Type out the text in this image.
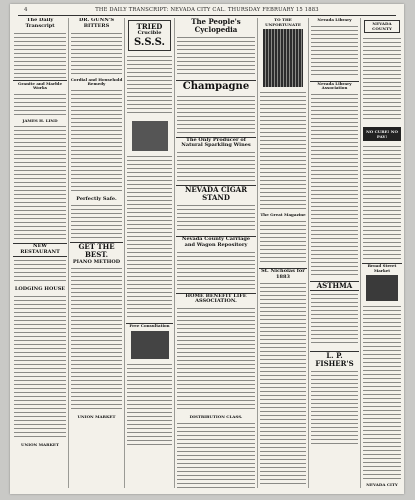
4	THE DAILY TRANSCRIPT: NEVADA CITY CAL. THURSDAY FEBRUARY 15 1883
The Daily Transcript
Granite and Marble Works
JAMES H. LIND
NEW RESTAURANT
LODGING HOUSE
UNION MARKET
DR. GUNN'S BITTERS
Cordial and Household Remedy
Perfectly Safe.
GET THE BEST.
PIANO METHOD
UNION MARKET
TRIED
Crucible
S.S.S.
Free Consultation
The People's Cyclopedia
Champagne
The Only Producer of Natural Sparkling Wines
NEVADA CIGAR STAND
Nevada County Carriage and Wagon Repository
HOME BENEFIT LIFE ASSOCIATION.
DISTRIBUTION CLASS.
TO THE UNFORTUNATE
The Great Magazine
St. Nicholas for 1883
Nevada Library
Nevada Library Association
ASTHMA
L. P. FISHER'S
NEVADA COUNTY
NO CURE! NO PAY!
Broad Street Market
NEVADA CITY
